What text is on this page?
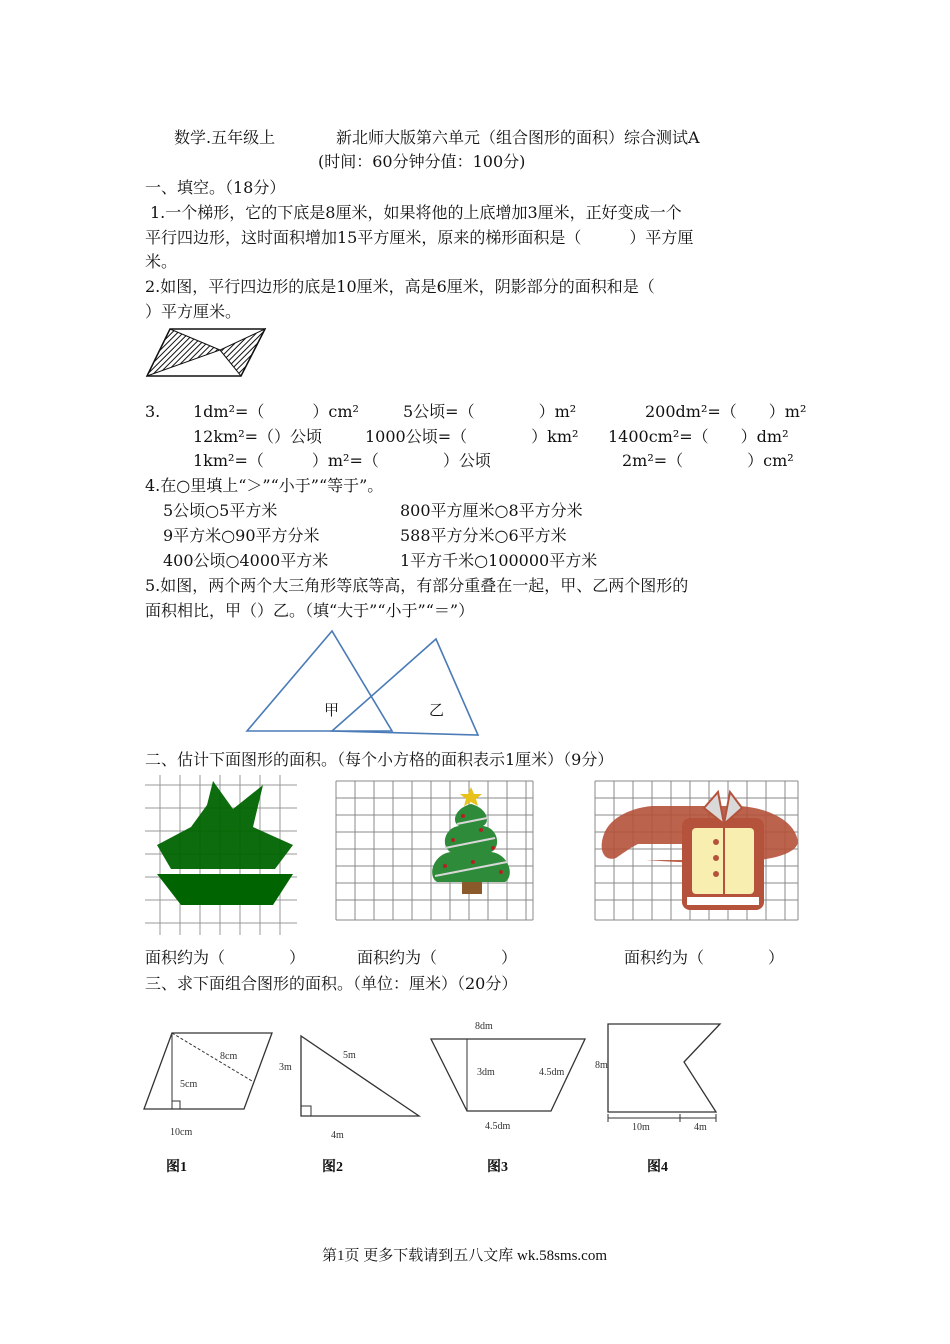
数学.五年级上	新北师大版第六单元（组合图形的面积）综合测试A
(时间：60分钟分值：100分)
一、填空。（18分）
1.一个梯形，它的下底是8厘米，如果将他的上底增加3厘米，正好变成一个
平行四边形，这时面积增加15平方厘米，原来的梯形面积是（　　　）平方厘
米。
2.如图，平行四边形的底是10厘米，高是6厘米，阴影部分的面积和是（
）平方厘米。
3. 1dm²=（　　　）cm²	5公顷=（　　　　）m²	200dm²=（　　）m²
12km²=（）公顷	1000公顷=（　　　　）km² 1400cm²=（　　）dm²
1km²=（　　　）m²=（　　　　）公顷	2m²=（　　　　）cm²
4.在○里填上“＞”“小于”“等于”。
5公顷○5平方米	800平方厘米○8平方分米
9平方米○90平方分米	588平方分米○6平方米
400公顷○4000平方米	1平方千米○100000平方米
5.如图，两个两个大三角形等底等高，有部分重叠在一起，甲、乙两个图形的
面积相比，甲（）乙。（填“大于”“小于”“＝”）
甲	乙
二、估计下面图形的面积。（每个小方格的面积表示1厘米）（9分）
面积约为（　　　　）	面积约为（　　　　）	面积约为（　　　　）
三、求下面组合图形的面积。（单位：厘米）（20分）
8cm
5cm
10cm
图1
3m
5m
4m
图2
8dm
3dm	4.5dm
4.5dm
图3
8m
10m	4m
图4
第1页 更多下载请到五八文库 wk.58sms.com
